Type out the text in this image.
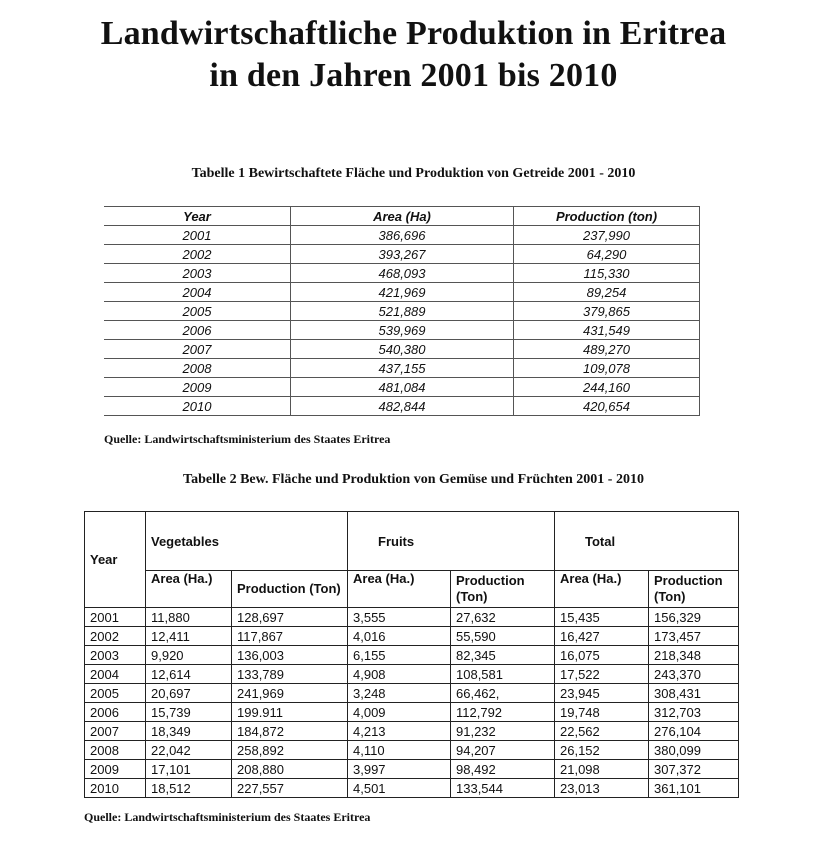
Landwirtschaftliche Produktion in Eritrea
in den Jahren 2001 bis 2010
Tabelle 1 Bewirtschaftete Fläche und Produktion von Getreide 2001 - 2010
Year	Area (Ha)	Production (ton)
2001	386,696	237,990
2002	393,267	64,290
2003	468,093	115,330
2004	421,969	89,254
2005	521,889	379,865
2006	539,969	431,549
2007	540,380	489,270
2008	437,155	109,078
2009	481,084	244,160
2010	482,844	420,654
Quelle: Landwirtschaftsministerium des Staates Eritrea
Tabelle 2 Bew. Fläche und Produktion von Gemüse und Früchten 2001 - 2010
Year	Vegetables		Fruits		Total	
	Area (Ha.)	Production (Ton)	Area (Ha.)	Production (Ton)	Area (Ha.)	Production (Ton)
2001	11,880	128,697	3,555	27,632	15,435	156,329
2002	12,411	117,867	4,016	55,590	16,427	173,457
2003	9,920	136,003	6,155	82,345	16,075	218,348
2004	12,614	133,789	4,908	108,581	17,522	243,370
2005	20,697	241,969	3,248	66,462,	23,945	308,431
2006	15,739	199.911	4,009	112,792	19,748	312,703
2007	18,349	184,872	4,213	91,232	22,562	276,104
2008	22,042	258,892	4,110	94,207	26,152	380,099
2009	17,101	208,880	3,997	98,492	21,098	307,372
2010	18,512	227,557	4,501	133,544	23,013	361,101
Quelle: Landwirtschaftsministerium des Staates Eritrea
